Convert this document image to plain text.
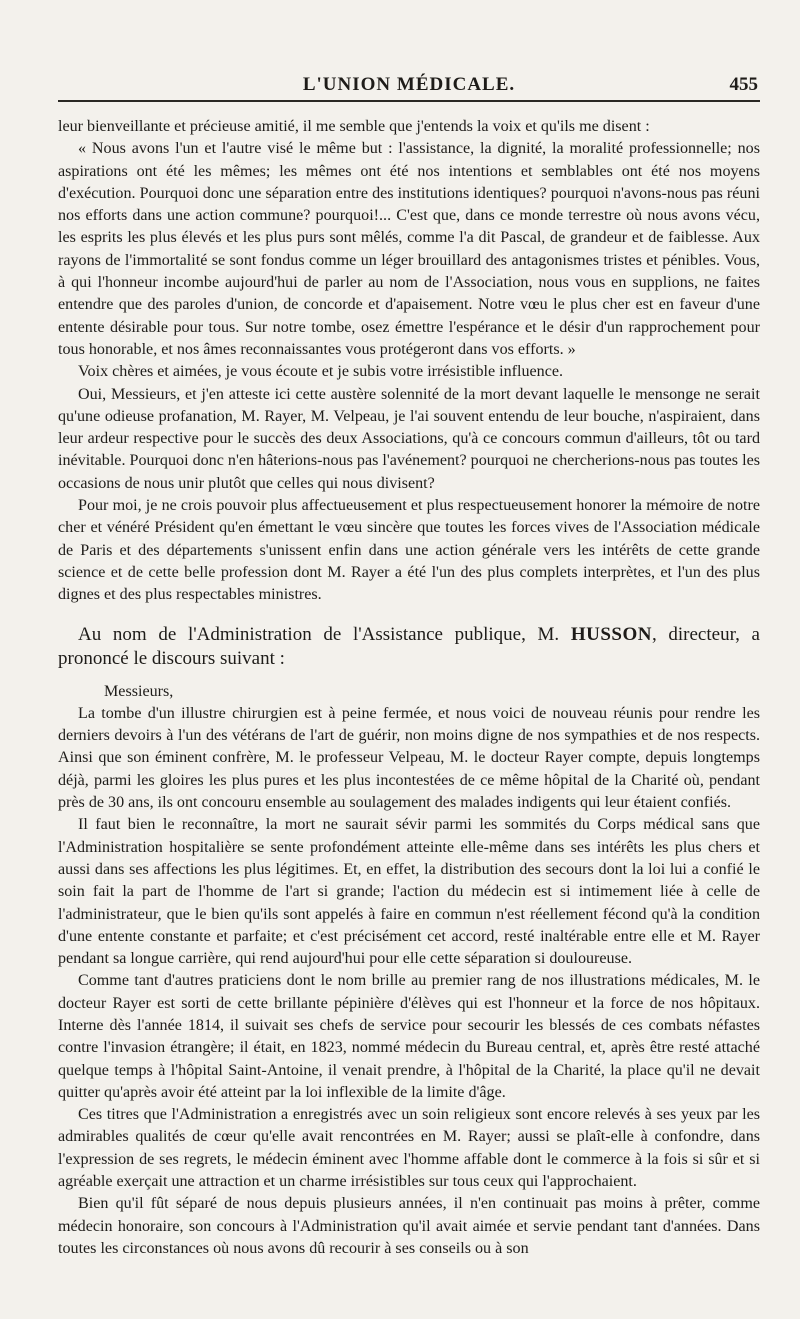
L'UNION MÉDICALE.	455

leur bienveillante et précieuse amitié, il me semble que j'entends la voix et qu'ils me disent :

« Nous avons l'un et l'autre visé le même but : l'assistance, la dignité, la moralité professionnelle; nos aspirations ont été les mêmes; les mêmes ont été nos intentions et semblables ont été nos moyens d'exécution. Pourquoi donc une séparation entre des institutions identiques? pourquoi n'avons-nous pas réuni nos efforts dans une action commune? pourquoi!... C'est que, dans ce monde terrestre où nous avons vécu, les esprits les plus élevés et les plus purs sont mêlés, comme l'a dit Pascal, de grandeur et de faiblesse. Aux rayons de l'immortalité se sont fondus comme un léger brouillard des antagonismes tristes et pénibles. Vous, à qui l'honneur incombe aujourd'hui de parler au nom de l'Association, nous vous en supplions, ne faites entendre que des paroles d'union, de concorde et d'apaisement. Notre vœu le plus cher est en faveur d'une entente désirable pour tous. Sur notre tombe, osez émettre l'espérance et le désir d'un rapprochement pour tous honorable, et nos âmes reconnaissantes vous protégeront dans vos efforts. »

Voix chères et aimées, je vous écoute et je subis votre irrésistible influence.

Oui, Messieurs, et j'en atteste ici cette austère solennité de la mort devant laquelle le mensonge ne serait qu'une odieuse profanation, M. Rayer, M. Velpeau, je l'ai souvent entendu de leur bouche, n'aspiraient, dans leur ardeur respective pour le succès des deux Associations, qu'à ce concours commun d'ailleurs, tôt ou tard inévitable. Pourquoi donc n'en hâterions-nous pas l'avénement? pourquoi ne chercherions-nous pas toutes les occasions de nous unir plutôt que celles qui nous divisent?

Pour moi, je ne crois pouvoir plus affectueusement et plus respectueusement honorer la mémoire de notre cher et vénéré Président qu'en émettant le vœu sincère que toutes les forces vives de l'Association médicale de Paris et des départements s'unissent enfin dans une action générale vers les intérêts de cette grande science et de cette belle profession dont M. Rayer a été l'un des plus complets interprètes, et l'un des plus dignes et des plus respectables ministres.

Au nom de l'Administration de l'Assistance publique, M. HUSSON, directeur, a prononcé le discours suivant :
Messieurs,

La tombe d'un illustre chirurgien est à peine fermée, et nous voici de nouveau réunis pour rendre les derniers devoirs à l'un des vétérans de l'art de guérir, non moins digne de nos sympathies et de nos respects. Ainsi que son éminent confrère, M. le professeur Velpeau, M. le docteur Rayer compte, depuis longtemps déjà, parmi les gloires les plus pures et les plus incontestées de ce même hôpital de la Charité où, pendant près de 30 ans, ils ont concouru ensemble au soulagement des malades indigents qui leur étaient confiés.

Il faut bien le reconnaître, la mort ne saurait sévir parmi les sommités du Corps médical sans que l'Administration hospitalière se sente profondément atteinte elle-même dans ses intérêts les plus chers et aussi dans ses affections les plus légitimes. Et, en effet, la distribution des secours dont la loi lui a confié le soin fait la part de l'homme de l'art si grande; l'action du médecin est si intimement liée à celle de l'administrateur, que le bien qu'ils sont appelés à faire en commun n'est réellement fécond qu'à la condition d'une entente constante et parfaite; et c'est précisément cet accord, resté inaltérable entre elle et M. Rayer pendant sa longue carrière, qui rend aujourd'hui pour elle cette séparation si douloureuse.

Comme tant d'autres praticiens dont le nom brille au premier rang de nos illustrations médicales, M. le docteur Rayer est sorti de cette brillante pépinière d'élèves qui est l'honneur et la force de nos hôpitaux. Interne dès l'année 1814, il suivait ses chefs de service pour secourir les blessés de ces combats néfastes contre l'invasion étrangère; il était, en 1823, nommé médecin du Bureau central, et, après être resté attaché quelque temps à l'hôpital Saint-Antoine, il venait prendre, à l'hôpital de la Charité, la place qu'il ne devait quitter qu'après avoir été atteint par la loi inflexible de la limite d'âge.

Ces titres que l'Administration a enregistrés avec un soin religieux sont encore relevés à ses yeux par les admirables qualités de cœur qu'elle avait rencontrées en M. Rayer; aussi se plaît-elle à confondre, dans l'expression de ses regrets, le médecin éminent avec l'homme affable dont le commerce à la fois si sûr et si agréable exerçait une attraction et un charme irrésistibles sur tous ceux qui l'approchaient.

Bien qu'il fût séparé de nous depuis plusieurs années, il n'en continuait pas moins à prêter, comme médecin honoraire, son concours à l'Administration qu'il avait aimée et servie pendant tant d'années. Dans toutes les circonstances où nous avons dû recourir à ses conseils ou à son
